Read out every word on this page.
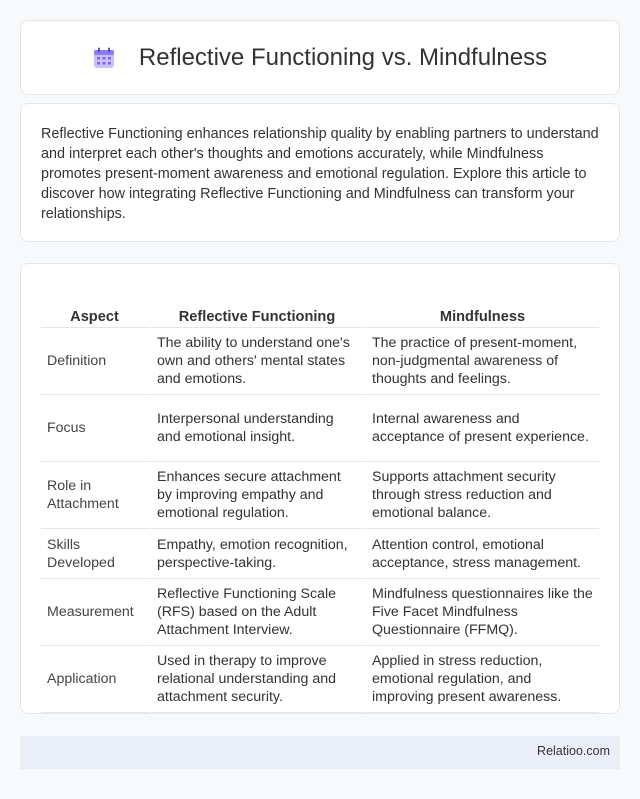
Reflective Functioning vs. Mindfulness

Reflective Functioning enhances relationship quality by enabling partners to understand and interpret each other's thoughts and emotions accurately, while Mindfulness promotes present-moment awareness and emotional regulation. Explore this article to discover how integrating Reflective Functioning and Mindfulness can transform your relationships.

Aspect	Reflective Functioning	Mindfulness
Definition	The ability to understand one's own and others' mental states and emotions.	The practice of present-moment, non-judgmental awareness of thoughts and feelings.
Focus	Interpersonal understanding and emotional insight.	Internal awareness and acceptance of present experience.
Role in Attachment	Enhances secure attachment by improving empathy and emotional regulation.	Supports attachment security through stress reduction and emotional balance.
Skills Developed	Empathy, emotion recognition, perspective-taking.	Attention control, emotional acceptance, stress management.
Measurement	Reflective Functioning Scale (RFS) based on the Adult Attachment Interview.	Mindfulness questionnaires like the Five Facet Mindfulness Questionnaire (FFMQ).
Application	Used in therapy to improve relational understanding and attachment security.	Applied in stress reduction, emotional regulation, and improving present awareness.
Relatioo.com
